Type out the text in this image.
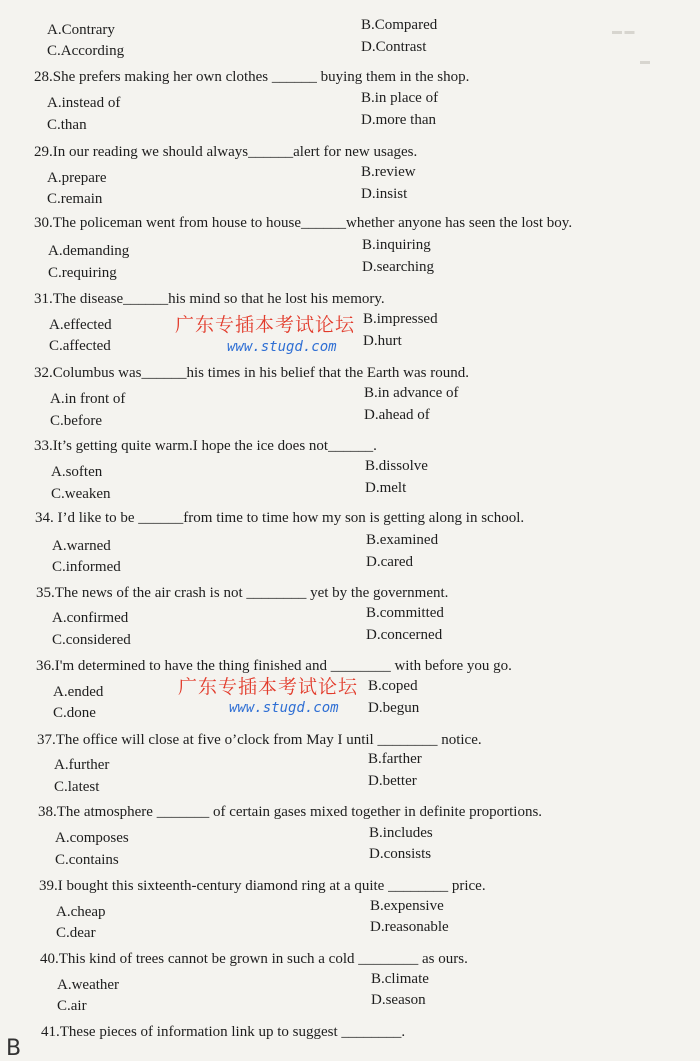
A.Contrary	B.Compared
C.According	D.Contrast
28.She prefers making her own clothes ______ buying them in the shop.
A.instead of	B.in place of
C.than	D.more than
29.In our reading we should always______alert for new usages.
A.prepare	B.review
C.remain	D.insist
30.The policeman went from house to house______whether anyone has seen the lost boy.
A.demanding	B.inquiring
C.requiring	D.searching
31.The disease______his mind so that he lost his memory.
A.effected	B.impressed
C.affected	D.hurt
32.Columbus was______his times in his belief that the Earth was round.
A.in front of	B.in advance of
C.before	D.ahead of
33.It’s getting quite warm.I hope the ice does not______.
A.soften	B.dissolve
C.weaken	D.melt
34. I’d like to be ______from time to time how my son is getting along in school.
A.warned	B.examined
C.informed	D.cared
35.The news of the air crash is not ________ yet by the government.
A.confirmed	B.committed
C.considered	D.concerned
36.I'm determined to have the thing finished and ________ with before you go.
A.ended	B.coped
C.done	D.begun
37.The office will close at five o’clock from May I until ________ notice.
A.further	B.farther
C.latest	D.better
38.The atmosphere _______ of certain gases mixed together in definite proportions.
A.composes	B.includes
C.contains	D.consists
39.I bought this sixteenth-century diamond ring at a quite ________ price.
A.cheap	B.expensive
C.dear	D.reasonable
40.This kind of trees cannot be grown in such a cold ________ as ours.
A.weather	B.climate
C.air	D.season
41.These pieces of information link up to suggest ________.
广东专插本考试论坛
www.stugd.com
广东专插本考试论坛
www.stugd.com
B
▬ ▬
▬
